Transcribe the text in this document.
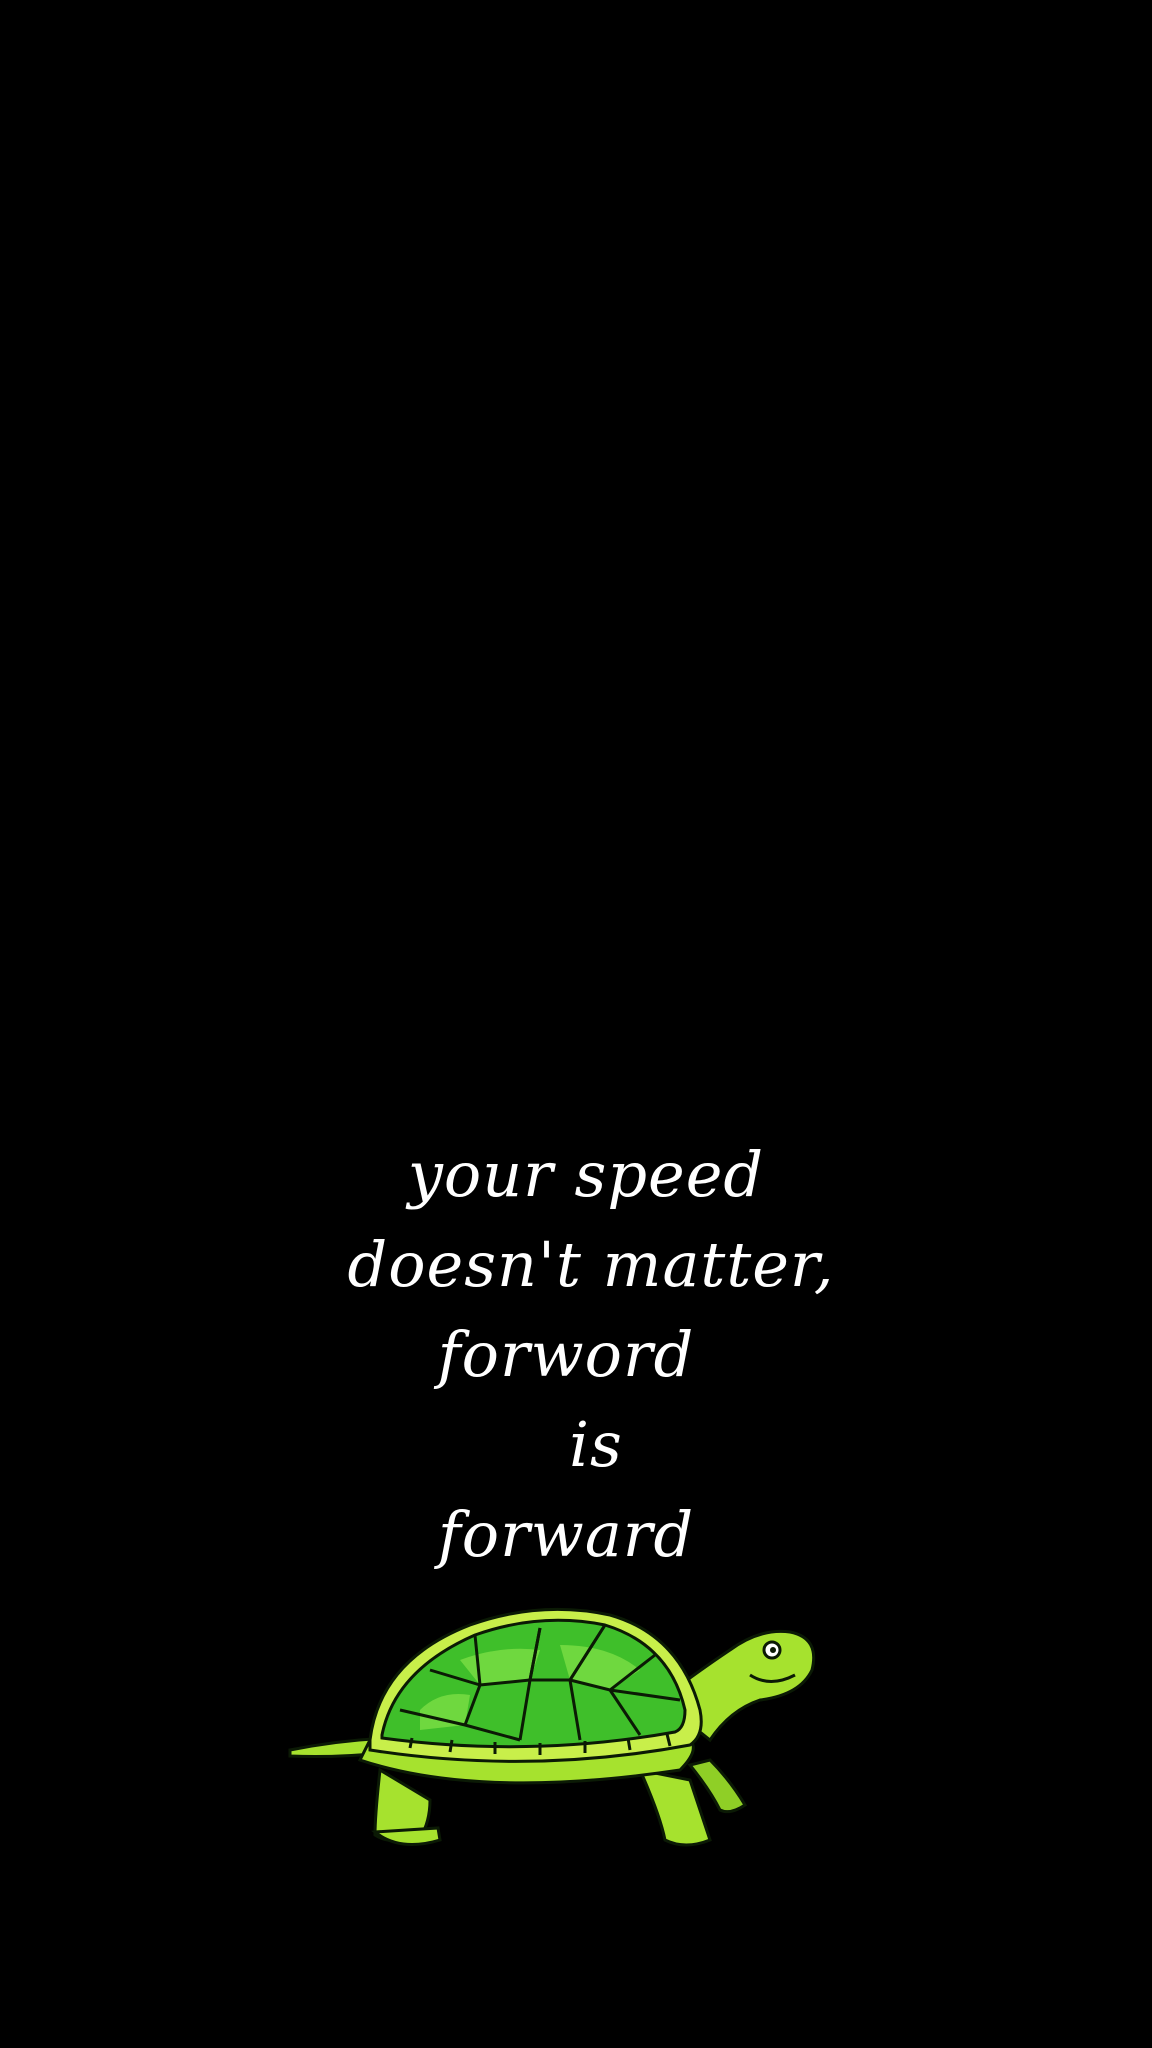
your speed
doesn't matter,
forword
is
forward
